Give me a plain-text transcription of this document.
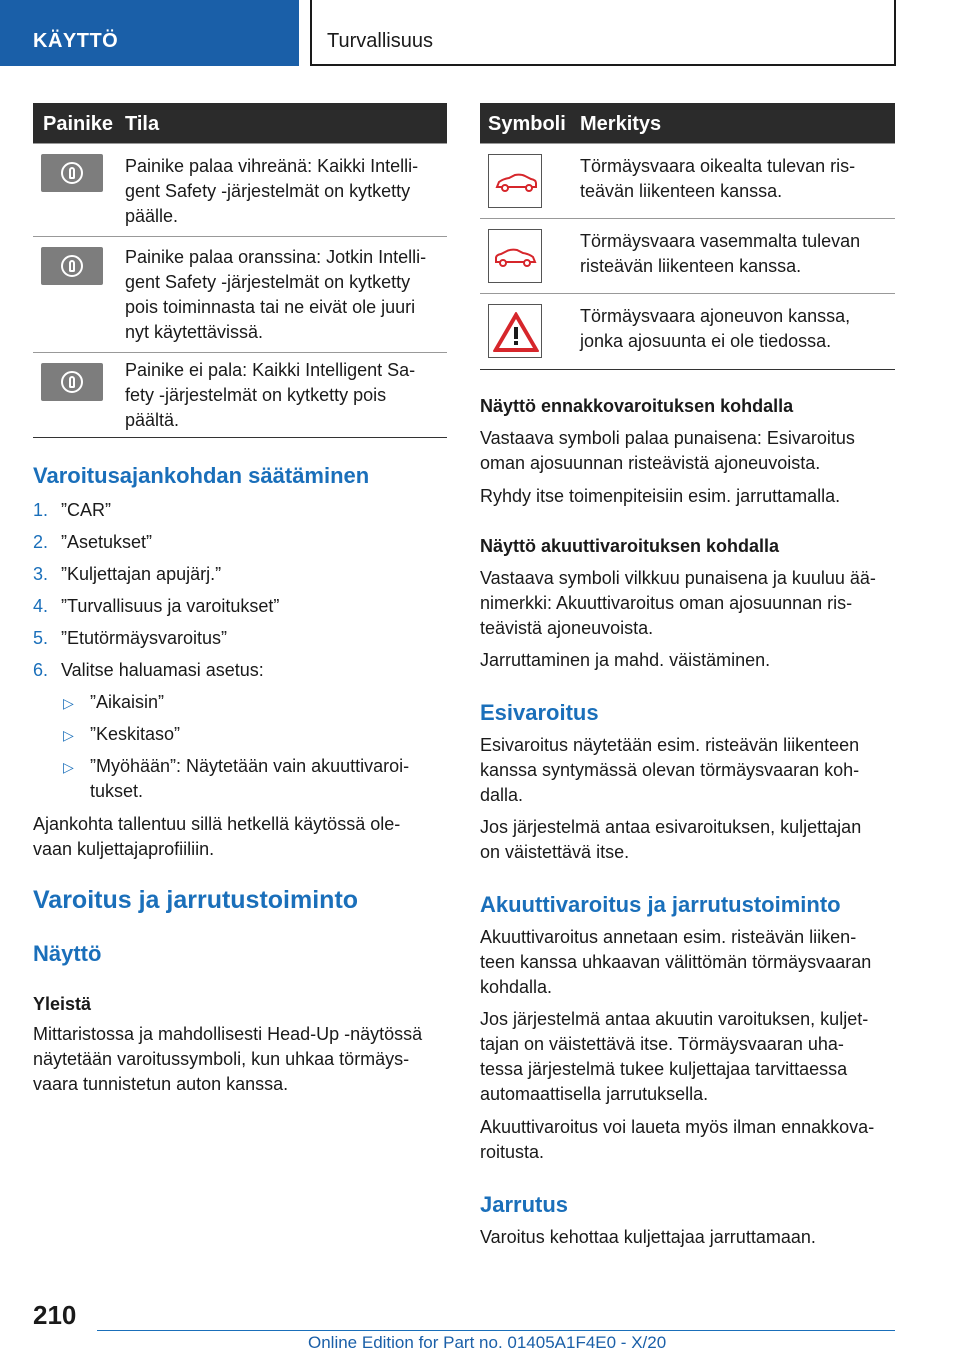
KÄYTTÖ	Turvallisuus
Painike Tila
Painike palaa vihreänä: Kaikki Intelli-
gent Safety -järjestelmät on kytketty
päälle.
Painike palaa oranssina: Jotkin Intelli-
gent Safety -järjestelmät on kytketty
pois toiminnasta tai ne eivät ole juuri
nyt käytettävissä.
Painike ei pala: Kaikki Intelligent Sa-
fety -järjestelmät on kytketty pois
päältä.
Symboli Merkitys
Törmäysvaara oikealta tulevan ris-
teävän liikenteen kanssa.
Törmäysvaara vasemmalta tulevan
risteävän liikenteen kanssa.
Törmäysvaara ajoneuvon kanssa,
jonka ajosuunta ei ole tiedossa.
Varoitusajankohdan säätäminen
1. ”CAR”
2. ”Asetukset”
3. ”Kuljettajan apujärj.”
4. ”Turvallisuus ja varoitukset”
5. ”Etutörmäysvaroitus”
6. Valitse haluamasi asetus:
▷ ”Aikaisin”
▷ ”Keskitaso”
▷ ”Myöhään”: Näytetään vain akuuttivaroi-
tukset.
Ajankohta tallentuu sillä hetkellä käytössä ole-
vaan kuljettajaprofiiliin.
Varoitus ja jarrutustoiminto
Näyttö
Yleistä
Mittaristossa ja mahdollisesti Head-Up -näytössä
näytetään varoitussymboli, kun uhkaa törmäys-
vaara tunnistetun auton kanssa.
Näyttö ennakkovaroituksen kohdalla
Vastaava symboli palaa punaisena: Esivaroitus
oman ajosuunnan risteävistä ajoneuvoista.
Ryhdy itse toimenpiteisiin esim. jarruttamalla.
Näyttö akuuttivaroituksen kohdalla
Vastaava symboli vilkkuu punaisena ja kuuluu ää-
nimerkki: Akuuttivaroitus oman ajosuunnan ris-
teävistä ajoneuvoista.
Jarruttaminen ja mahd. väistäminen.
Esivaroitus
Esivaroitus näytetään esim. risteävän liikenteen
kanssa syntymässä olevan törmäysvaaran koh-
dalla.
Jos järjestelmä antaa esivaroituksen, kuljettajan
on väistettävä itse.
Akuuttivaroitus ja jarrutustoiminto
Akuuttivaroitus annetaan esim. risteävän liiken-
teen kanssa uhkaavan välittömän törmäysvaaran
kohdalla.
Jos järjestelmä antaa akuutin varoituksen, kuljet-
tajan on väistettävä itse. Törmäysvaaran uha-
tessa järjestelmä tukee kuljettajaa tarvittaessa
automaattisella jarrutuksella.
Akuuttivaroitus voi laueta myös ilman ennakkova-
roitusta.
Jarrutus
Varoitus kehottaa kuljettajaa jarruttamaan.
210
Online Edition for Part no. 01405A1F4E0 - X/20
